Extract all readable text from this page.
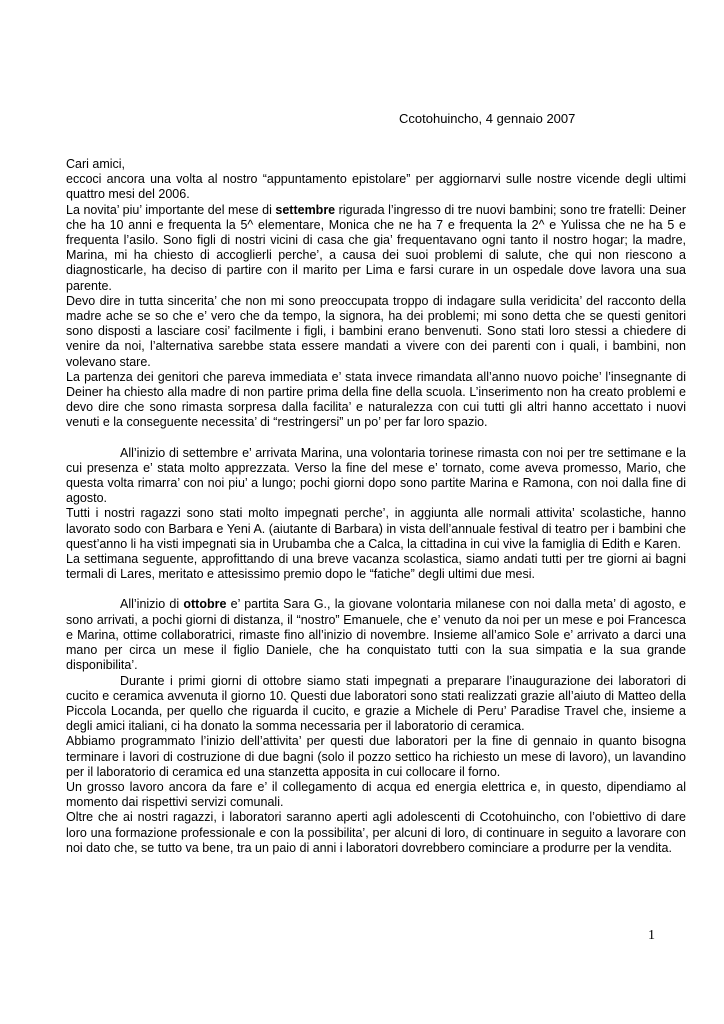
Ccotohuincho, 4 gennaio 2007

Cari amici,

eccoci ancora una volta al nostro “appuntamento epistolare” per aggiornarvi sulle nostre vicende degli ultimi quattro mesi del 2006.

La novita’ piu’ importante del mese di settembre rigurada l’ingresso di tre nuovi bambini; sono tre fratelli: Deiner che ha 10 anni e frequenta la 5^ elementare, Monica che ne ha 7 e frequenta la 2^ e Yulissa che ne ha 5 e frequenta l’asilo. Sono figli di nostri vicini di casa che gia’ frequentavano ogni tanto il nostro hogar; la madre, Marina, mi ha chiesto di accoglierli perche’, a causa dei suoi problemi di salute, che qui non riescono a diagnosticarle, ha deciso di partire con il marito per Lima e farsi curare in un ospedale dove lavora una sua parente.

Devo dire in tutta sincerita’ che non mi sono preoccupata troppo di indagare sulla veridicita’ del racconto della madre ache se so che e’ vero che da tempo, la signora, ha dei problemi; mi sono detta che se questi genitori sono disposti a lasciare cosi’ facilmente i figli, i bambini erano benvenuti. Sono stati loro stessi a chiedere di venire da noi, l’alternativa sarebbe stata essere mandati a vivere con dei parenti con i quali, i bambini, non volevano stare.

La partenza dei genitori che pareva immediata e’ stata invece rimandata all’anno nuovo poiche’ l’insegnante di Deiner ha chiesto alla madre di non partire prima della fine della scuola. L’inserimento non ha creato problemi e devo dire che sono rimasta sorpresa dalla facilita’ e naturalezza con cui tutti gli altri hanno accettato i nuovi venuti e la conseguente necessita’ di “restringersi” un po’ per far loro spazio.

All’inizio di settembre e’ arrivata Marina, una volontaria torinese rimasta con noi per tre settimane e la cui presenza e’ stata molto apprezzata. Verso la fine del mese e’ tornato, come aveva promesso, Mario, che questa volta rimarra’ con noi piu’ a lungo; pochi giorni dopo sono partite Marina e Ramona, con noi dalla fine di agosto.

Tutti i nostri ragazzi sono stati molto impegnati perche’, in aggiunta alle normali attivita’ scolastiche, hanno lavorato sodo con Barbara e Yeni A. (aiutante di Barbara) in vista dell’annuale festival di teatro per i bambini che quest’anno li ha visti impegnati sia in Urubamba che a Calca, la cittadina in cui vive la famiglia di Edith e Karen.

La settimana seguente, approfittando di una breve vacanza scolastica, siamo andati tutti per tre giorni ai bagni termali di Lares, meritato e attesissimo premio dopo le “fatiche” degli ultimi due mesi.

All’inizio di ottobre e’ partita Sara G., la giovane volontaria milanese con noi dalla meta’ di agosto, e sono arrivati, a pochi giorni di distanza, il “nostro” Emanuele, che e’ venuto da noi per un mese e poi Francesca e Marina, ottime collaboratrici, rimaste fino all’inizio di novembre. Insieme all’amico Sole e’ arrivato a darci una mano per circa un mese il figlio Daniele, che ha conquistato tutti con la sua simpatia e la sua grande disponibilita’.

Durante i primi giorni di ottobre siamo stati impegnati a preparare l’inaugurazione dei laboratori di cucito e ceramica avvenuta il giorno 10. Questi due laboratori sono stati realizzati grazie all’aiuto di Matteo della Piccola Locanda, per quello che riguarda il cucito, e grazie a Michele di Peru’ Paradise Travel che, insieme a degli amici italiani, ci ha donato la somma necessaria per il laboratorio di ceramica.

Abbiamo programmato l’inizio dell’attivita’ per questi due laboratori per la fine di gennaio in quanto bisogna terminare i lavori di costruzione di due bagni (solo il pozzo settico ha richiesto un mese di lavoro), un lavandino per il laboratorio di ceramica ed una stanzetta apposita in cui collocare il forno.

Un grosso lavoro ancora da fare e’ il collegamento di acqua ed energia elettrica e, in questo, dipendiamo al momento dai rispettivi servizi comunali.

Oltre che ai nostri ragazzi, i laboratori saranno aperti agli adolescenti di Ccotohuincho, con l’obiettivo di dare loro una formazione professionale e con la possibilita’, per alcuni di loro, di continuare in seguito a lavorare con noi dato che, se tutto va bene, tra un paio di anni i laboratori dovrebbero cominciare a produrre per la vendita.

1
